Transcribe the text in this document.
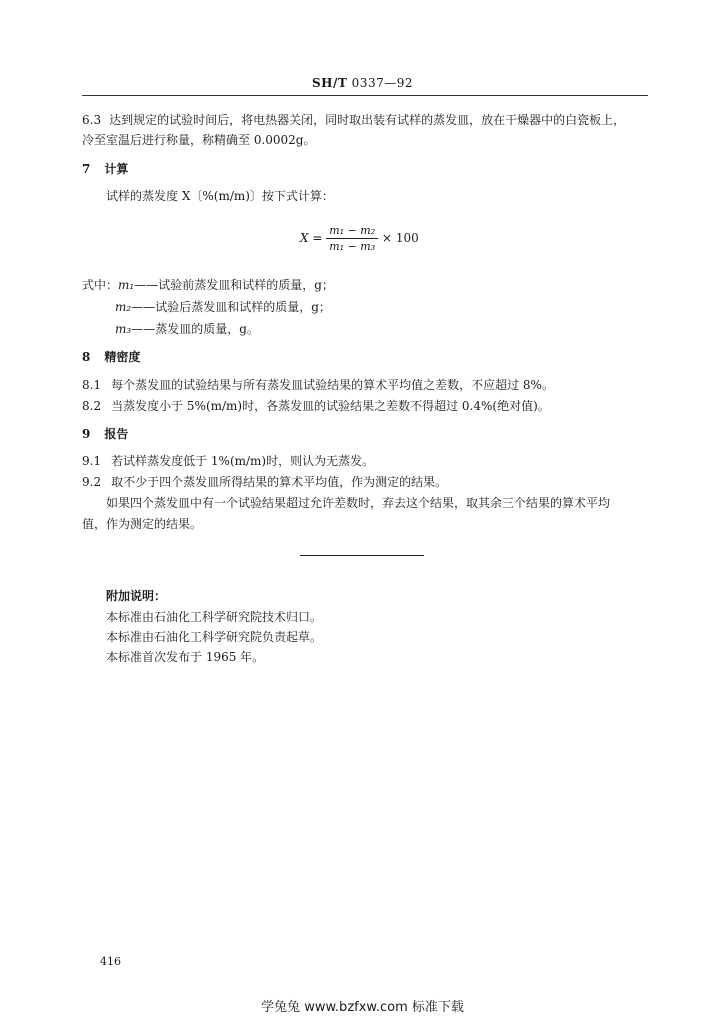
SH/T 0337—92
6.3 达到规定的试验时间后，将电热器关闭，同时取出装有试样的蒸发皿，放在干燥器中的白瓷板上，
冷至室温后进行称量，称精确至 0.0002g。
7 计算
试样的蒸发度 X〔%(m/m)〕按下式计算：
$X = \frac{\text{m₁ − m₂}}{\text{m₁ − m₃}} \times 100$
式中：m₁——试验前蒸发皿和试样的质量，g；
m₂——试验后蒸发皿和试样的质量，g；
m₃——蒸发皿的质量，g。
8 精密度
8.1 每个蒸发皿的试验结果与所有蒸发皿试验结果的算术平均值之差数，不应超过 8%。
8.2 当蒸发度小于 5%(m/m)时，各蒸发皿的试验结果之差数不得超过 0.4%(绝对值)。
9 报告
9.1 若试样蒸发度低于 1%(m/m)时，则认为无蒸发。
9.2 取不少于四个蒸发皿所得结果的算术平均值，作为测定的结果。
如果四个蒸发皿中有一个试验结果超过允许差数时，弃去这个结果，取其余三个结果的算术平均
值，作为测定的结果。
附加说明：
本标准由石油化工科学研究院技术归口。
本标准由石油化工科学研究院负责起草。
本标准首次发布于 1965 年。
416
学兔兔 www.bzfxw.com 标准下载
